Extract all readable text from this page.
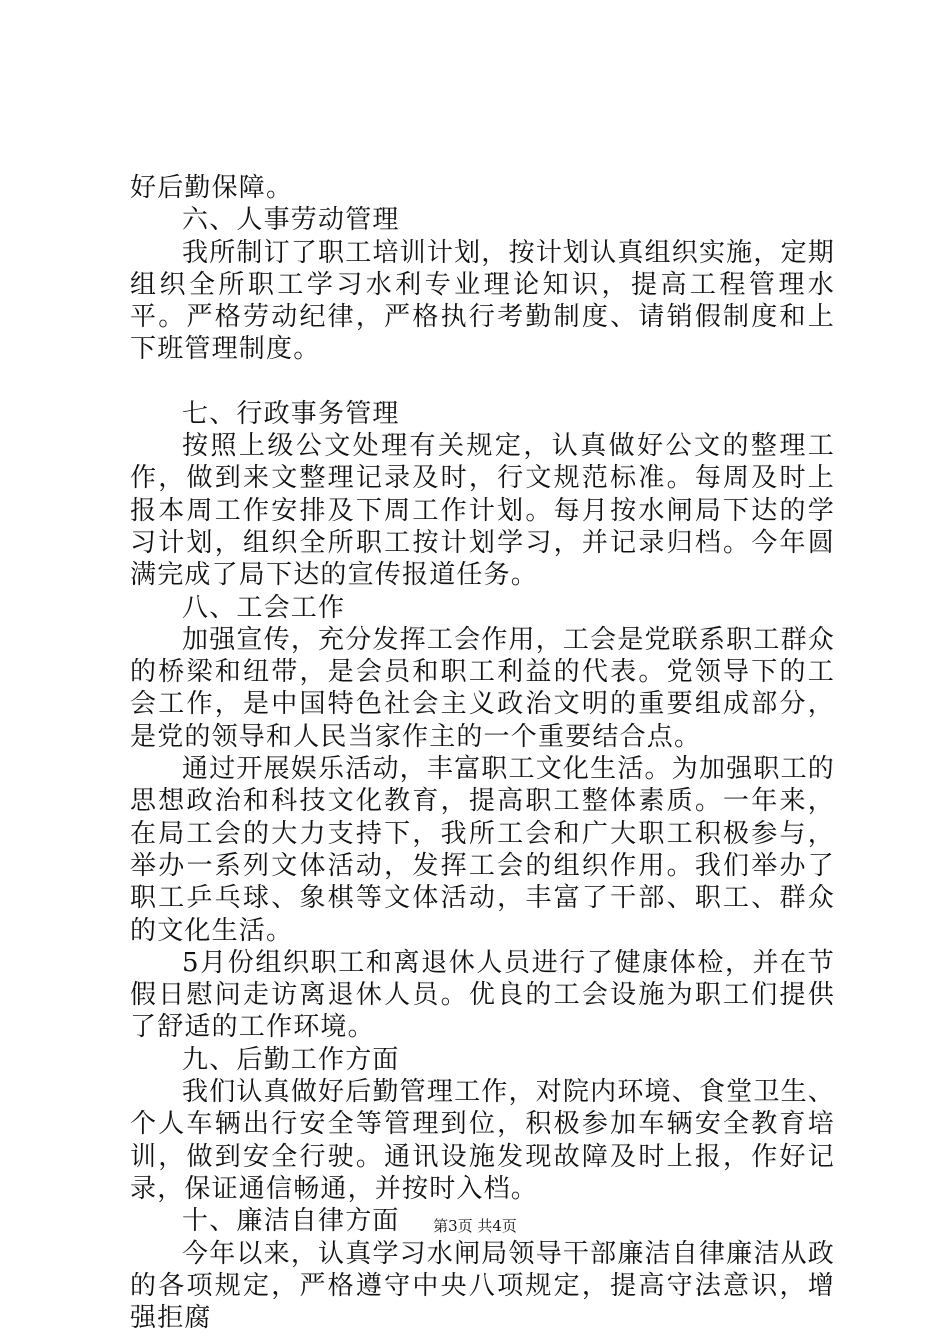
好后勤保障。

六、人事劳动管理

我所制订了职工培训计划，按计划认真组织实施，定期组织全所职工学习水利专业理论知识，提高工程管理水平。严格劳动纪律，严格执行考勤制度、请销假制度和上下班管理制度。

七、行政事务管理

按照上级公文处理有关规定，认真做好公文的整理工作，做到来文整理记录及时，行文规范标准。每周及时上报本周工作安排及下周工作计划。每月按水闸局下达的学习计划，组织全所职工按计划学习，并记录归档。今年圆满完成了局下达的宣传报道任务。

八、工会工作

加强宣传，充分发挥工会作用，工会是党联系职工群众的桥梁和纽带，是会员和职工利益的代表。党领导下的工会工作，是中国特色社会主义政治文明的重要组成部分，是党的领导和人民当家作主的一个重要结合点。

通过开展娱乐活动，丰富职工文化生活。为加强职工的思想政治和科技文化教育，提高职工整体素质。一年来，在局工会的大力支持下，我所工会和广大职工积极参与，举办一系列文体活动，发挥工会的组织作用。我们举办了职工乒乓球、象棋等文体活动，丰富了干部、职工、群众的文化生活。

5月份组织职工和离退休人员进行了健康体检，并在节假日慰问走访离退休人员。优良的工会设施为职工们提供了舒适的工作环境。

九、后勤工作方面

我们认真做好后勤管理工作，对院内环境、食堂卫生、个人车辆出行安全等管理到位，积极参加车辆安全教育培训，做到安全行驶。通讯设施发现故障及时上报，作好记录，保证通信畅通，并按时入档。

十、廉洁自律方面

今年以来，认真学习水闸局领导干部廉洁自律廉洁从政的各项规定，严格遵守中央八项规定，提高守法意识，增强拒腐

第3页 共4页
